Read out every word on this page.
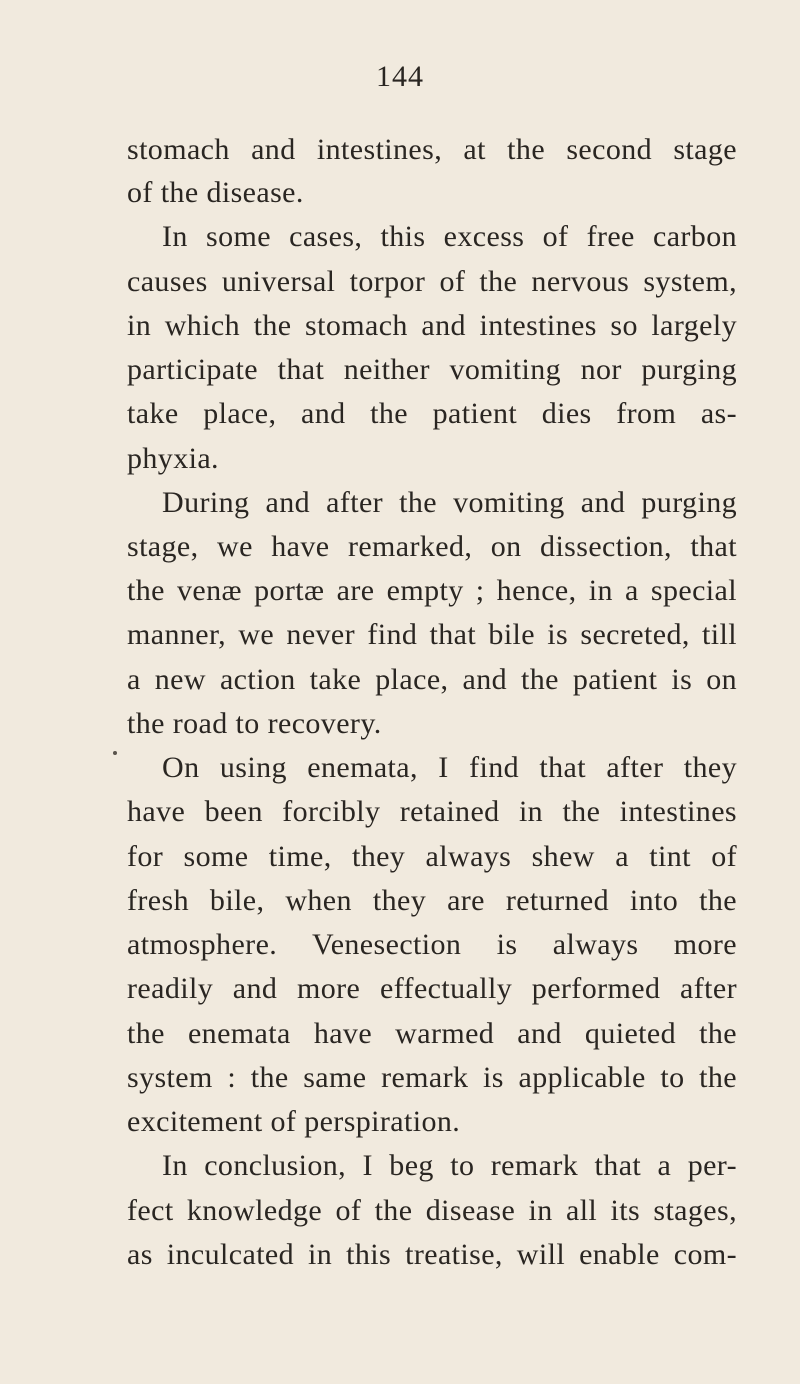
144
stomach and intestines, at the second stage
of the disease.
In some cases, this excess of free carbon
causes universal torpor of the nervous system,
in which the stomach and intestines so largely
participate that neither vomiting nor purging
take place, and the patient dies from as-
phyxia.
During and after the vomiting and purging
stage, we have remarked, on dissection, that
the venæ portæ are empty ; hence, in a special
manner, we never find that bile is secreted, till
a new action take place, and the patient is on
the road to recovery.
On using enemata, I find that after they
have been forcibly retained in the intestines
for some time, they always shew a tint of
fresh bile, when they are returned into the
atmosphere. Venesection is always more
readily and more effectually performed after
the enemata have warmed and quieted the
system : the same remark is applicable to the
excitement of perspiration.
In conclusion, I beg to remark that a per-
fect knowledge of the disease in all its stages,
as inculcated in this treatise, will enable com-
